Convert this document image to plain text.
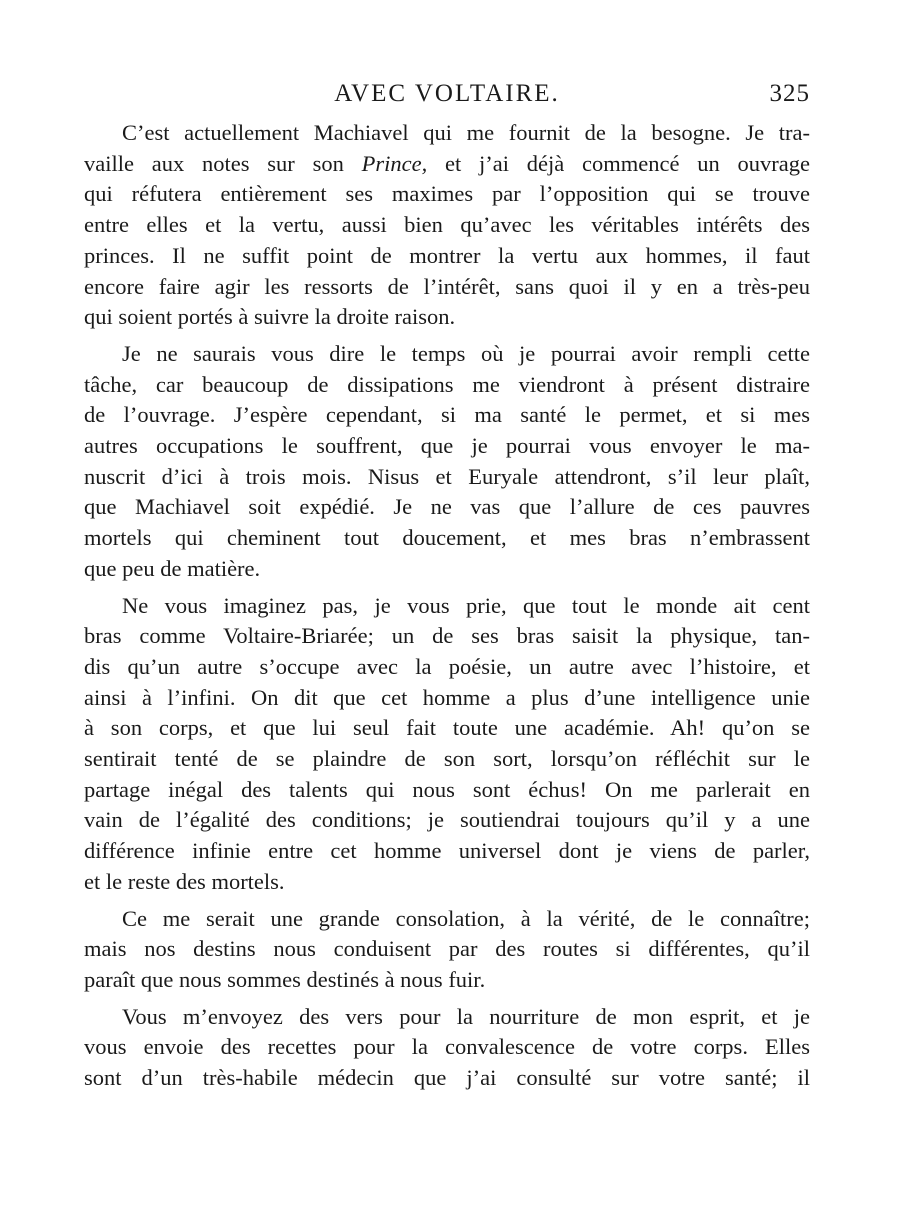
AVEC VOLTAIRE.	325

C’est actuellement Machiavel qui me fournit de la besogne. Je tra-
vaille aux notes sur son Prince, et j’ai déjà commencé un ouvrage
qui réfutera entièrement ses maximes par l’opposition qui se trouve
entre elles et la vertu, aussi bien qu’avec les véritables intérêts des
princes. Il ne suffit point de montrer la vertu aux hommes, il faut
encore faire agir les ressorts de l’intérêt, sans quoi il y en a très-peu
qui soient portés à suivre la droite raison.

Je ne saurais vous dire le temps où je pourrai avoir rempli cette
tâche, car beaucoup de dissipations me viendront à présent distraire
de l’ouvrage. J’espère cependant, si ma santé le permet, et si mes
autres occupations le souffrent, que je pourrai vous envoyer le ma-
nuscrit d’ici à trois mois. Nisus et Euryale attendront, s’il leur plaît,
que Machiavel soit expédié. Je ne vas que l’allure de ces pauvres
mortels qui cheminent tout doucement, et mes bras n’embrassent
que peu de matière.

Ne vous imaginez pas, je vous prie, que tout le monde ait cent
bras comme Voltaire-Briarée; un de ses bras saisit la physique, tan-
dis qu’un autre s’occupe avec la poésie, un autre avec l’histoire, et
ainsi à l’infini. On dit que cet homme a plus d’une intelligence unie
à son corps, et que lui seul fait toute une académie. Ah! qu’on se
sentirait tenté de se plaindre de son sort, lorsqu’on réfléchit sur le
partage inégal des talents qui nous sont échus! On me parlerait en
vain de l’égalité des conditions; je soutiendrai toujours qu’il y a une
différence infinie entre cet homme universel dont je viens de parler,
et le reste des mortels.

Ce me serait une grande consolation, à la vérité, de le connaître;
mais nos destins nous conduisent par des routes si différentes, qu’il
paraît que nous sommes destinés à nous fuir.

Vous m’envoyez des vers pour la nourriture de mon esprit, et je
vous envoie des recettes pour la convalescence de votre corps. Elles
sont d’un très-habile médecin que j’ai consulté sur votre santé; il
